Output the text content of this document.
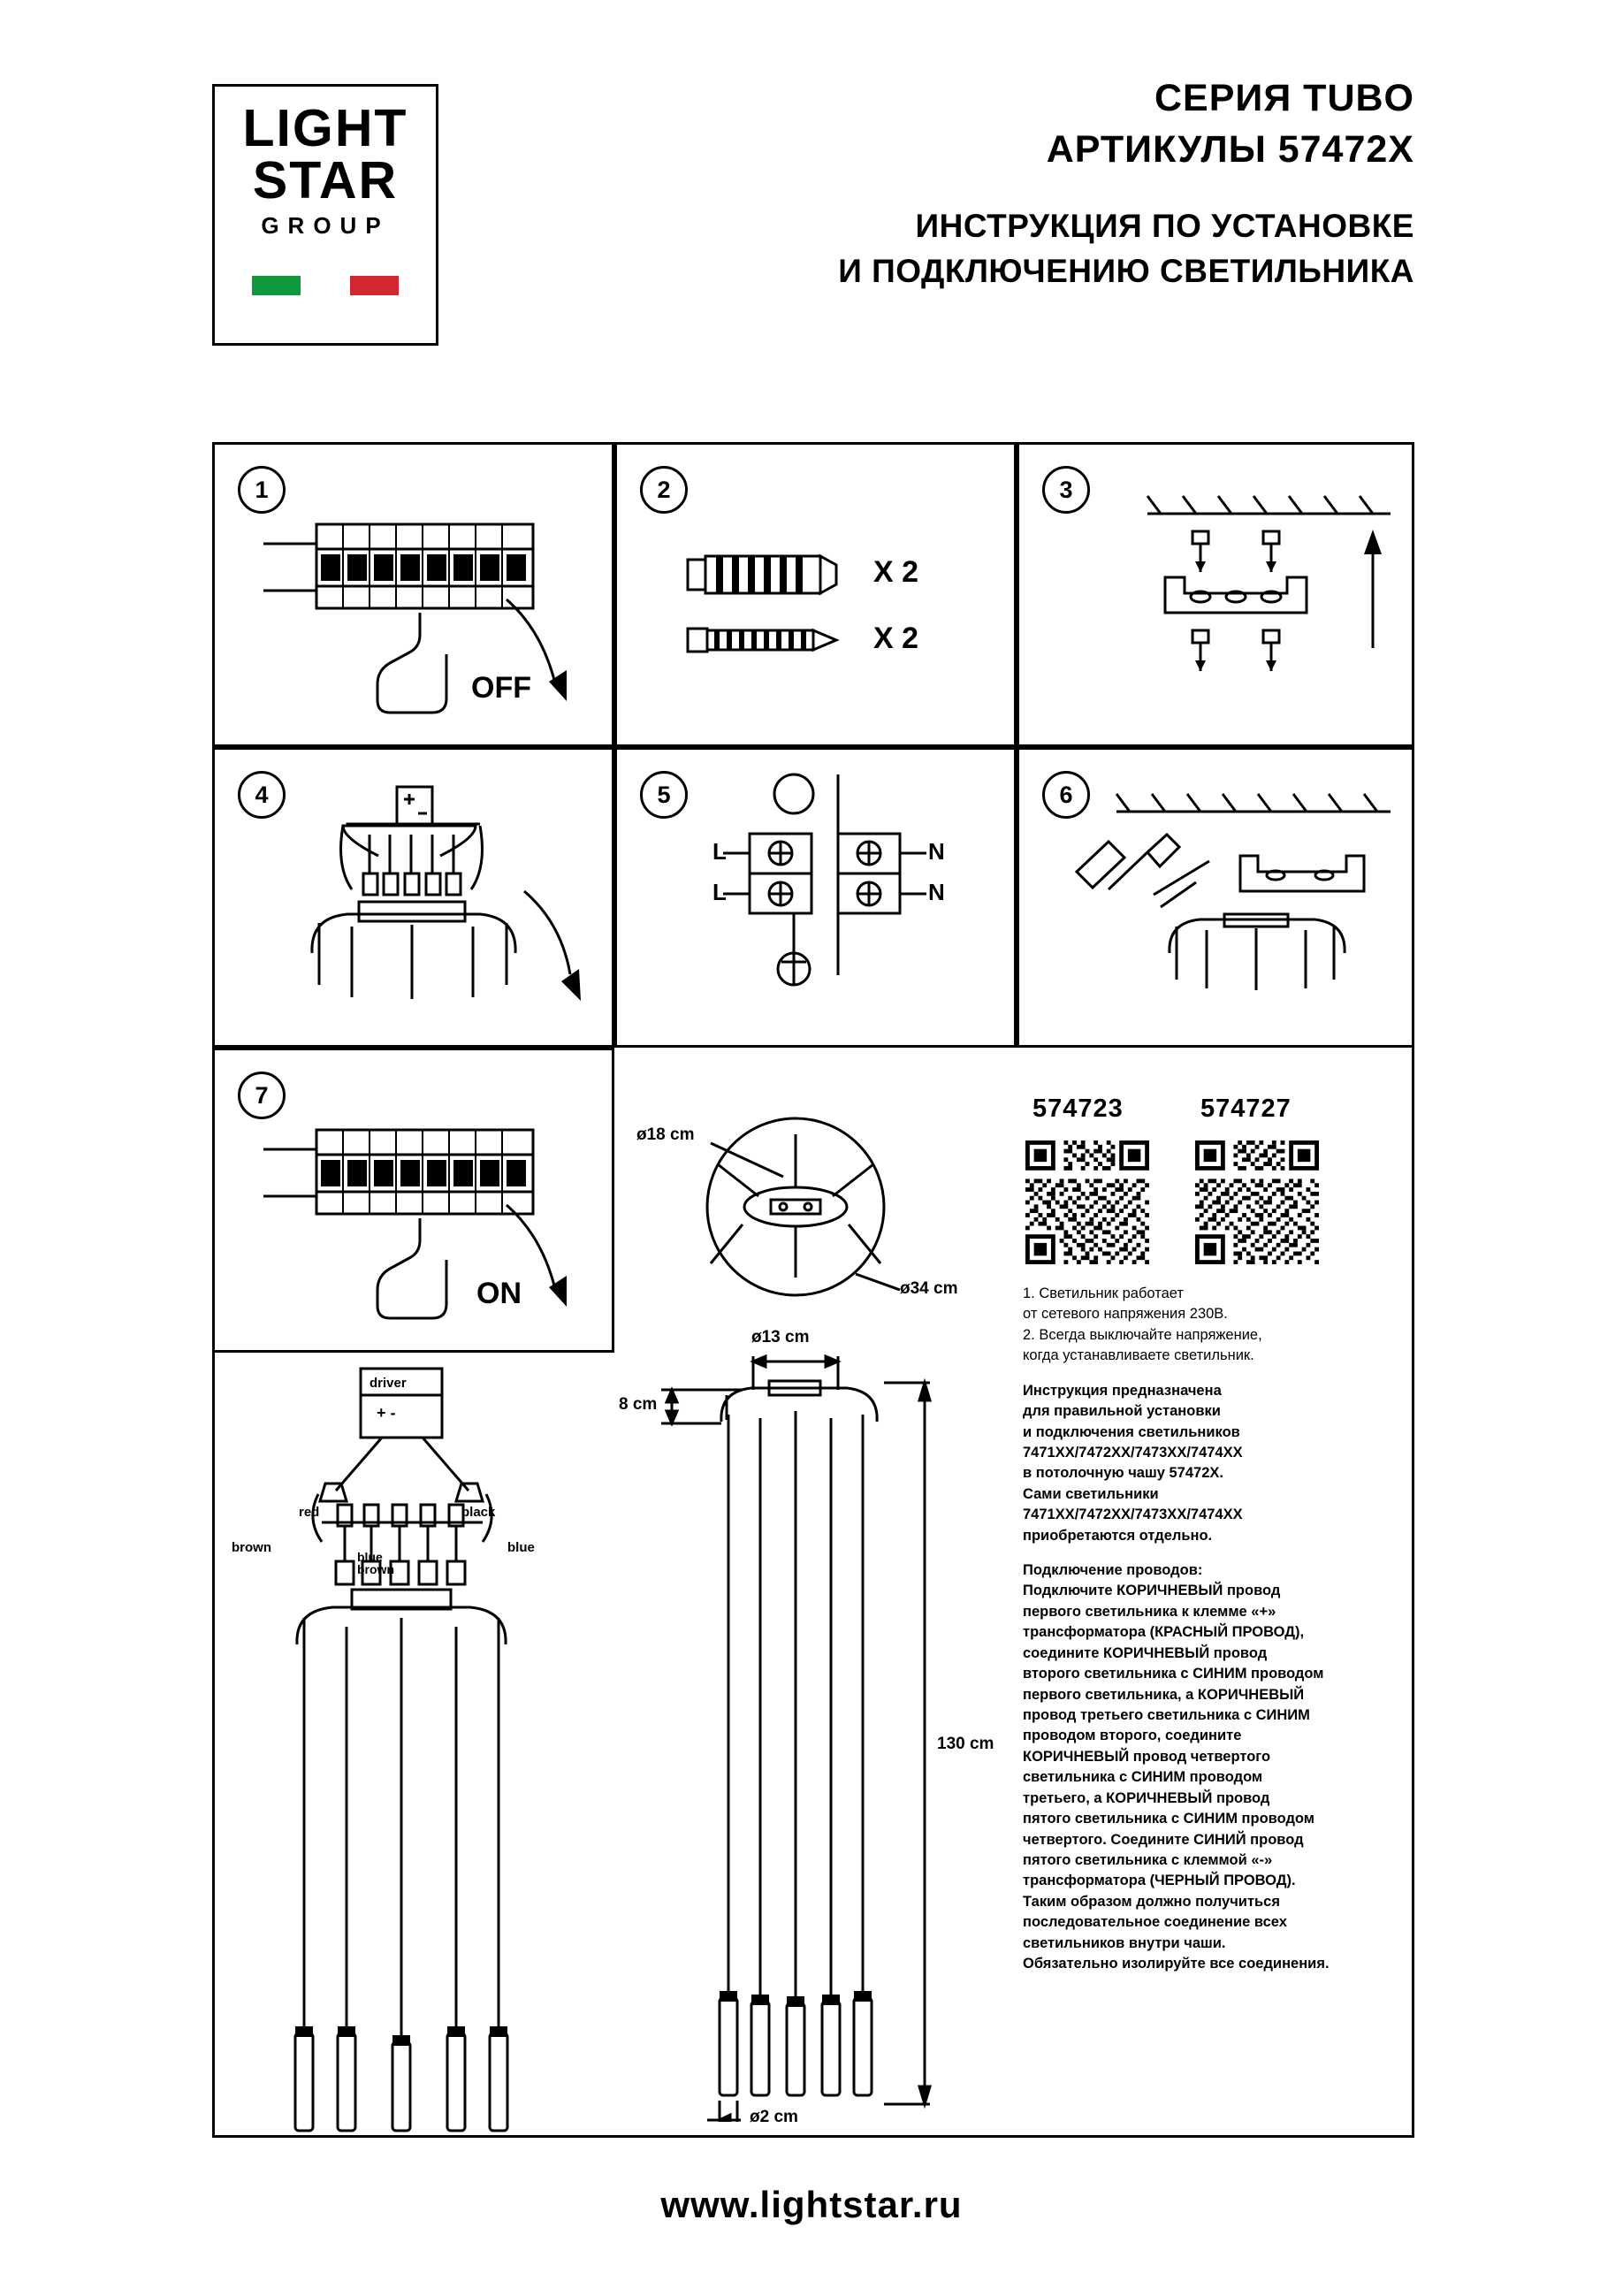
LIGHT
STAR
GROUP
СЕРИЯ TUBO
АРТИКУЛЫ 57472X
ИНСТРУКЦИЯ ПО УСТАНОВКЕ
И ПОДКЛЮЧЕНИЮ СВЕТИЛЬНИКА
1
OFF
2
X 2
X 2
3
4	5
L
L
N
N
6
7
ON
driver
+ -
red	black
brown	blue
blue
brown
ø18 cm
ø34 cm
ø13 cm
8 cm
130 cm
ø2 cm
574723	574727

1. Светильник работает

от сетевого напряжения 230В.

2. Всегда выключайте напряжение,

когда устанавливаете светильник.

Инструкция предназначена

для правильной установки

и подключения светильников

7471XX/7472XX/7473XX/7474XX

в потолочную чашу 57472X.

Сами светильники

7471XX/7472XX/7473XX/7474XX

приобретаются отдельно.

Подключение проводов:

Подключите КОРИЧНЕВЫЙ провод

первого светильника к клемме «+»

трансформатора (КРАСНЫЙ ПРОВОД),

соедините КОРИЧНЕВЫЙ провод

второго светильника с СИНИМ проводом

первого светильника, а КОРИЧНЕВЫЙ

провод третьего светильника с СИНИМ

проводом второго, соедините

КОРИЧНЕВЫЙ провод четвертого

светильника с СИНИМ проводом

третьего, а КОРИЧНЕВЫЙ провод

пятого светильника с СИНИМ проводом

четвертого. Соедините СИНИЙ провод

пятого светильника с клеммой «-»

трансформатора (ЧЕРНЫЙ ПРОВОД).

Таким образом должно получиться

последовательное соединение всех

светильников внутри чаши.

Обязательно изолируйте все соединения.

www.lightstar.ru
